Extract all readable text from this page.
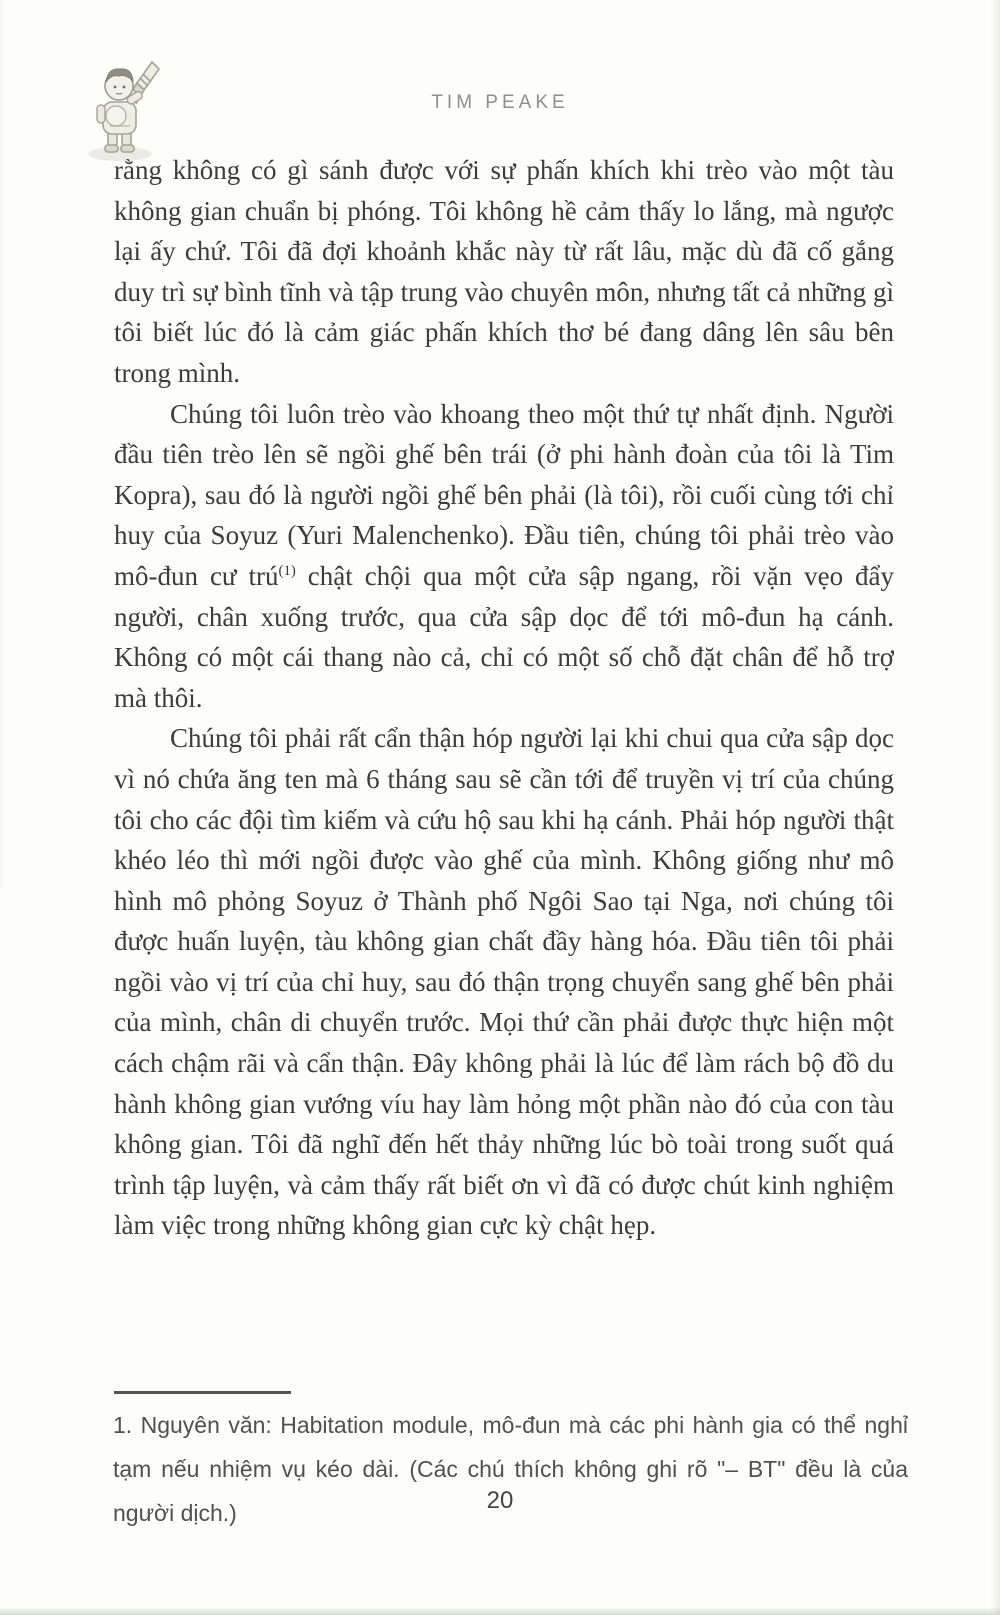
TIM PEAKE

rằng không có gì sánh được với sự phấn khích khi trèo vào một tàu không gian chuẩn bị phóng. Tôi không hề cảm thấy lo lắng, mà ngược lại ấy chứ. Tôi đã đợi khoảnh khắc này từ rất lâu, mặc dù đã cố gắng duy trì sự bình tĩnh và tập trung vào chuyên môn, nhưng tất cả những gì tôi biết lúc đó là cảm giác phấn khích thơ bé đang dâng lên sâu bên trong mình.

Chúng tôi luôn trèo vào khoang theo một thứ tự nhất định. Người đầu tiên trèo lên sẽ ngồi ghế bên trái (ở phi hành đoàn của tôi là Tim Kopra), sau đó là người ngồi ghế bên phải (là tôi), rồi cuối cùng tới chỉ huy của Soyuz (Yuri Malenchenko). Đầu tiên, chúng tôi phải trèo vào mô-đun cư trú$^{(1)}$ chật chội qua một cửa sập ngang, rồi vặn vẹo đẩy người, chân xuống trước, qua cửa sập dọc để tới mô-đun hạ cánh. Không có một cái thang nào cả, chỉ có một số chỗ đặt chân để hỗ trợ mà thôi.

Chúng tôi phải rất cẩn thận hóp người lại khi chui qua cửa sập dọc vì nó chứa ăng ten mà 6 tháng sau sẽ cần tới để truyền vị trí của chúng tôi cho các đội tìm kiếm và cứu hộ sau khi hạ cánh. Phải hóp người thật khéo léo thì mới ngồi được vào ghế của mình. Không giống như mô hình mô phỏng Soyuz ở Thành phố Ngôi Sao tại Nga, nơi chúng tôi được huấn luyện, tàu không gian chất đầy hàng hóa. Đầu tiên tôi phải ngồi vào vị trí của chỉ huy, sau đó thận trọng chuyển sang ghế bên phải của mình, chân di chuyển trước. Mọi thứ cần phải được thực hiện một cách chậm rãi và cẩn thận. Đây không phải là lúc để làm rách bộ đồ du hành không gian vướng víu hay làm hỏng một phần nào đó của con tàu không gian. Tôi đã nghĩ đến hết thảy những lúc bò toài trong suốt quá trình tập luyện, và cảm thấy rất biết ơn vì đã có được chút kinh nghiệm làm việc trong những không gian cực kỳ chật hẹp.

1. Nguyên văn: Habitation module, mô-đun mà các phi hành gia có thể nghỉ tạm nếu nhiệm vụ kéo dài. (Các chú thích không ghi rõ "– BT" đều là của người dịch.)	20
